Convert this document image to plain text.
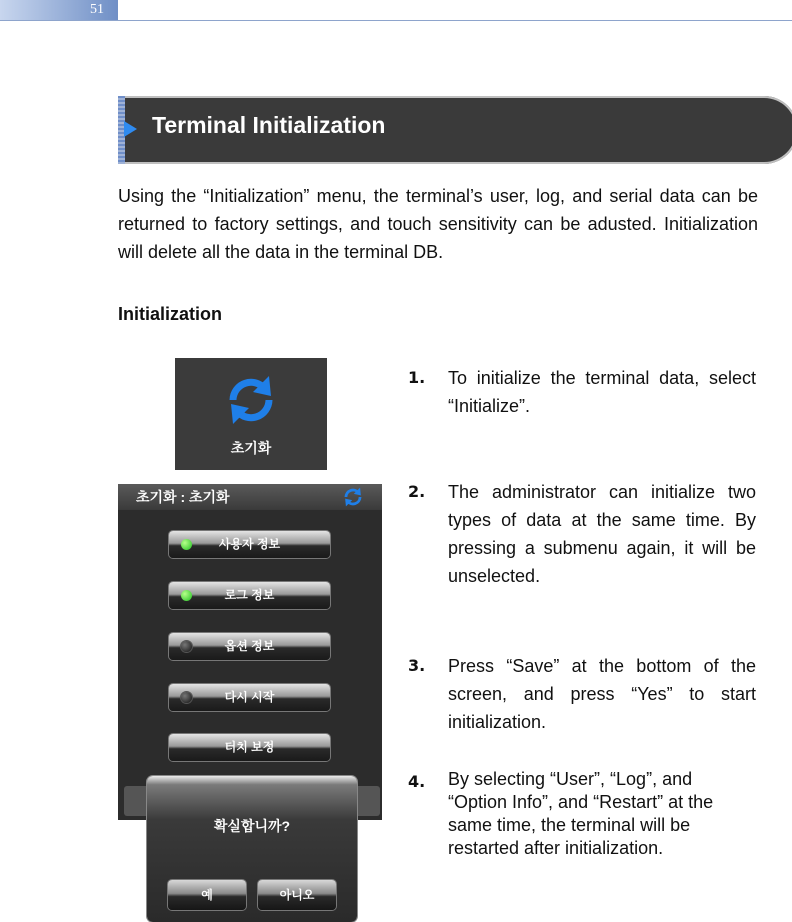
51
Terminal Initialization
Using the “Initialization” menu, the terminal’s user, log, and serial data can be returned to factory settings, and touch sensitivity can be adusted. Initialization will delete all the data in the terminal DB.
Initialization
초기화
초기화 : 초기화
사용자 정보
로그 정보
옵션 정보
다시 시작
터치 보정
확실합니까?
예	아니오
1. To initialize the terminal data, select “Initialize”.
2. The administrator can initialize two types of data at the same time. By pressing a submenu again, it will be unselected.
3. Press “Save” at the bottom of the screen, and press “Yes” to start initialization.
4. By selecting “User”, “Log”, and “Option Info”, and “Restart” at the same time, the terminal will be restarted after initialization.
